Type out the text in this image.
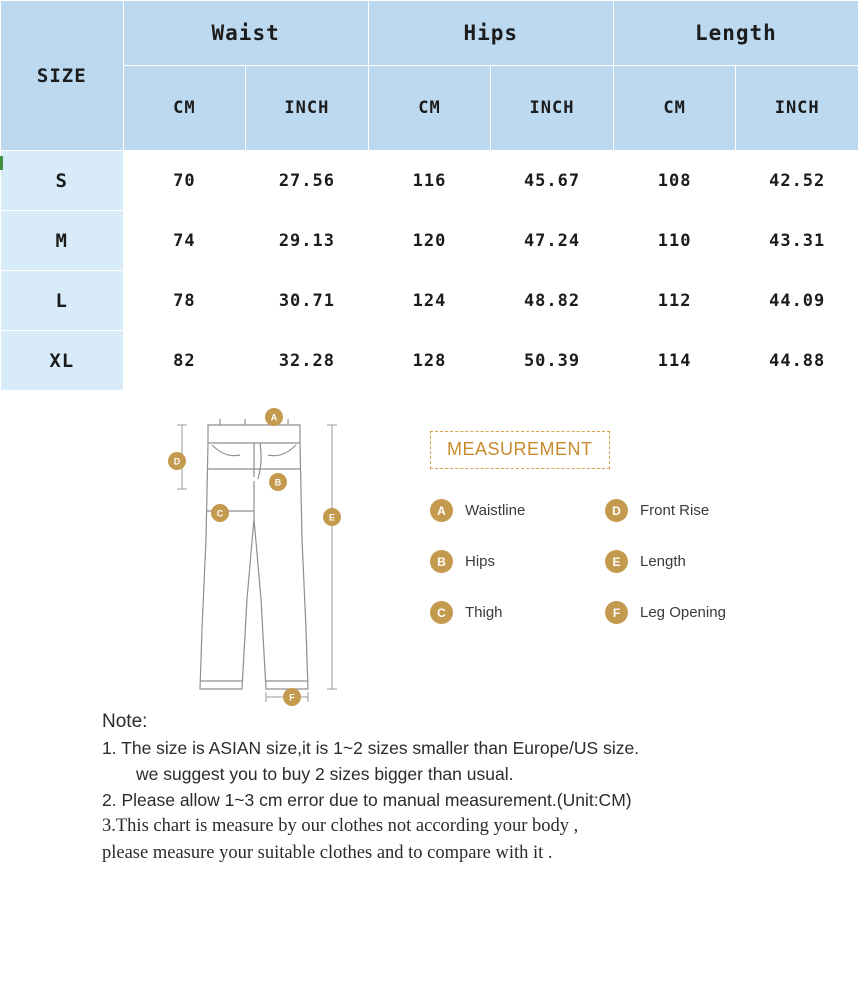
SIZE	Waist		Hips		Length	
	CM	INCH	CM	INCH	CM	INCH
S	70	27.56	116	45.67	108	42.52
M	74	29.13	120	47.24	110	43.31
L	78	30.71	124	48.82	112	44.09
XL	82	32.28	128	50.39	114	44.88
A
B
C
D
E
F
MEASUREMENT
A	Waistline	D	Front Rise
B	Hips	E	Length
C	Thigh	F	Leg Opening
Note:
1. The size is ASIAN size,it is 1~2 sizes smaller than Europe/US size.
we suggest you to buy 2 sizes bigger than usual.
2. Please allow 1~3 cm error due to manual measurement.(Unit:CM)
3.This chart is measure by our clothes not according your body ,
please measure your suitable clothes and to compare with it .
